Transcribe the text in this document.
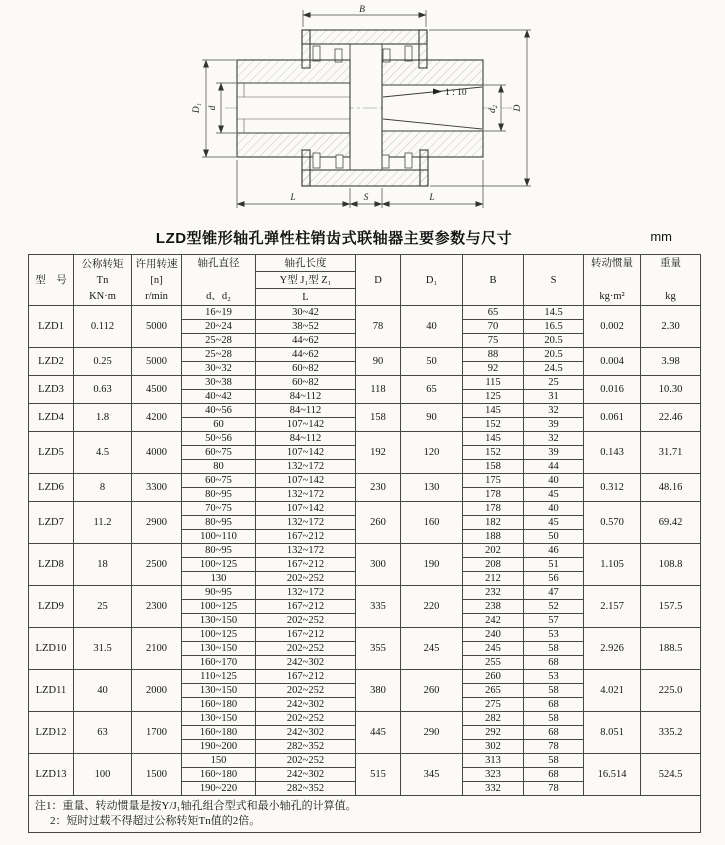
1 : 10
B
D
d₂
D₁ d
L	S	L
LZD型锥形轴孔弹性柱销齿式联轴器主要参数与尺寸	mm
型　号	
公称转矩
Tn
KN·m

许用转速
[n]
r/min

轴孔直径
d、d₂

轴孔长度
Y型 J₁型 Z₁
L
	D	D₁	B	S	
转动惯量
kg·m²

重量
kg

LZD1	0.112	5000	16~19	30~42	78	40	65	14.5	0.002	2.30
			20~24	38~52			70	16.5		
			25~28	44~62			75	20.5		
LZD2	0.25	5000	25~28	44~62	90	50	88	20.5	0.004	3.98
			30~32	60~82			92	24.5		
LZD3	0.63	4500	30~38	60~82	118	65	115	25	0.016	10.30
			40~42	84~112			125	31		
LZD4	1.8	4200	40~56	84~112	158	90	145	32	0.061	22.46
			60	107~142			152	39		
LZD5	4.5	4000	50~56	84~112	192	120	145	32	0.143	31.71
			60~75	107~142			152	39		
			80	132~172			158	44		
LZD6	8	3300	60~75	107~142	230	130	175	40	0.312	48.16
			80~95	132~172			178	45		
LZD7	11.2	2900	70~75	107~142	260	160	178	40	0.570	69.42
			80~95	132~172			182	45		
			100~110	167~212			188	50		
LZD8	18	2500	80~95	132~172	300	190	202	46	1.105	108.8
			100~125	167~212			208	51		
			130	202~252			212	56		
LZD9	25	2300	90~95	132~172	335	220	232	47	2.157	157.5
			100~125	167~212			238	52		
			130~150	202~252			242	57		
LZD10	31.5	2100	100~125	167~212	355	245	240	53	2.926	188.5
			130~150	202~252			245	58		
			160~170	242~302			255	68		
LZD11	40	2000	110~125	167~212	380	260	260	53	4.021	225.0
			130~150	202~252			265	58		
			160~180	242~302			275	68		
LZD12	63	1700	130~150	202~252	445	290	282	58	8.051	335.2
			160~180	242~302			292	68		
			190~200	282~352			302	78		
LZD13	100	1500	150	202~252	515	345	313	58	16.514	524.5
			160~180	242~302			323	68		
			190~220	282~352			332	78		

注1：重量、转动惯量是按Y/J₁轴孔组合型式和最小轴孔的计算值。
2：短时过载不得超过公称转矩Tn值的2倍。										
